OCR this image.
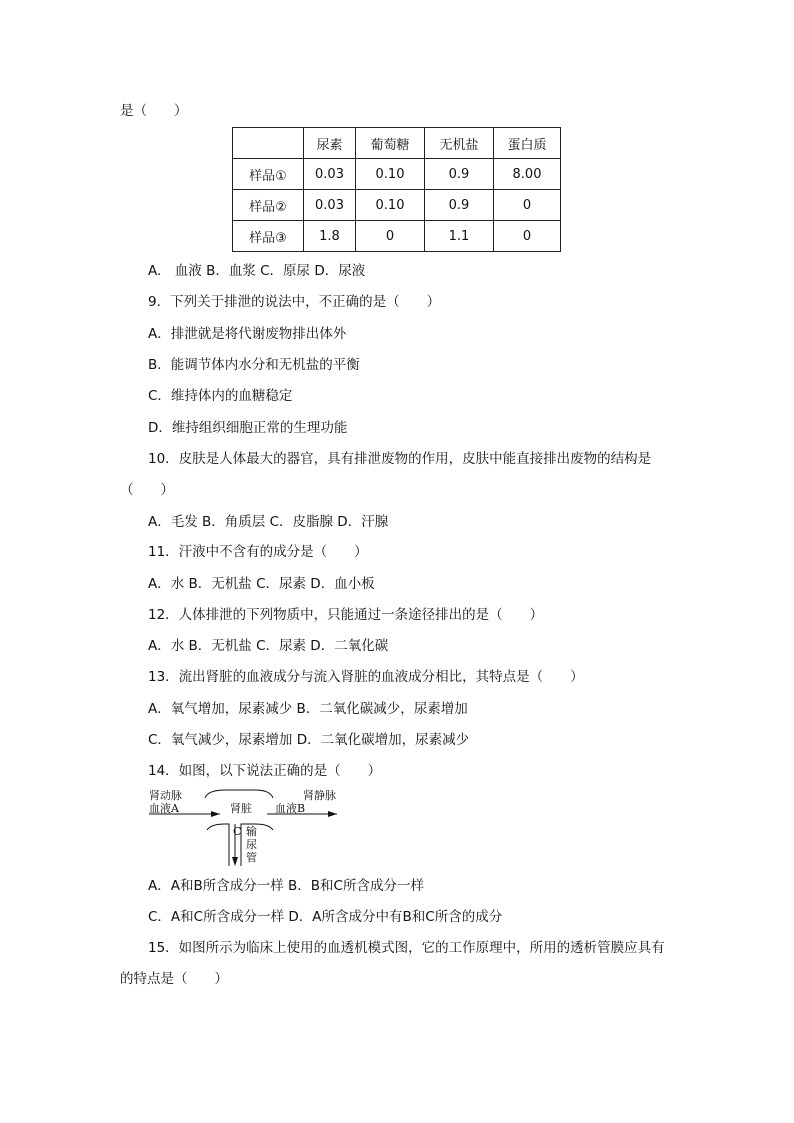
是（　　）
	尿素	葡萄糖	无机盐	蛋白质
样品①	0.03	0.10	0.9	8.00
样品②	0.03	0.10	0.9	0
样品③	1.8	0	1.1	0
A.　血液 B．血浆 C．原尿 D．尿液
9．下列关于排泄的说法中，不正确的是（　　）
A．排泄就是将代谢废物排出体外
B．能调节体内水分和无机盐的平衡
C．维持体内的血糖稳定
D．维持组织细胞正常的生理功能
10．皮肤是人体最大的器官，具有排泄废物的作用，皮肤中能直接排出废物的结构是
（　　）
A．毛发 B．角质层 C．皮脂腺 D．汗腺
11．汗液中不含有的成分是（　　）
A．水 B．无机盐 C．尿素 D．血小板
12．人体排泄的下列物质中，只能通过一条途径排出的是（　　）
A．水 B．无机盐 C．尿素 D．二氧化碳
13．流出肾脏的血液成分与流入肾脏的血液成分相比，其特点是（　　）
A．氧气增加，尿素减少 B．二氧化碳减少，尿素增加
C．氧气减少，尿素增加 D．二氧化碳增加，尿素减少
14．如图，以下说法正确的是（　　）
肾动脉
血液A	肾脏
肾静脉
血液B
C 输
尿
管
A．A和B所含成分一样 B．B和C所含成分一样
C．A和C所含成分一样 D．A所含成分中有B和C所含的成分
15．如图所示为临床上使用的血透机模式图，它的工作原理中，所用的透析管膜应具有
的特点是（　　）
